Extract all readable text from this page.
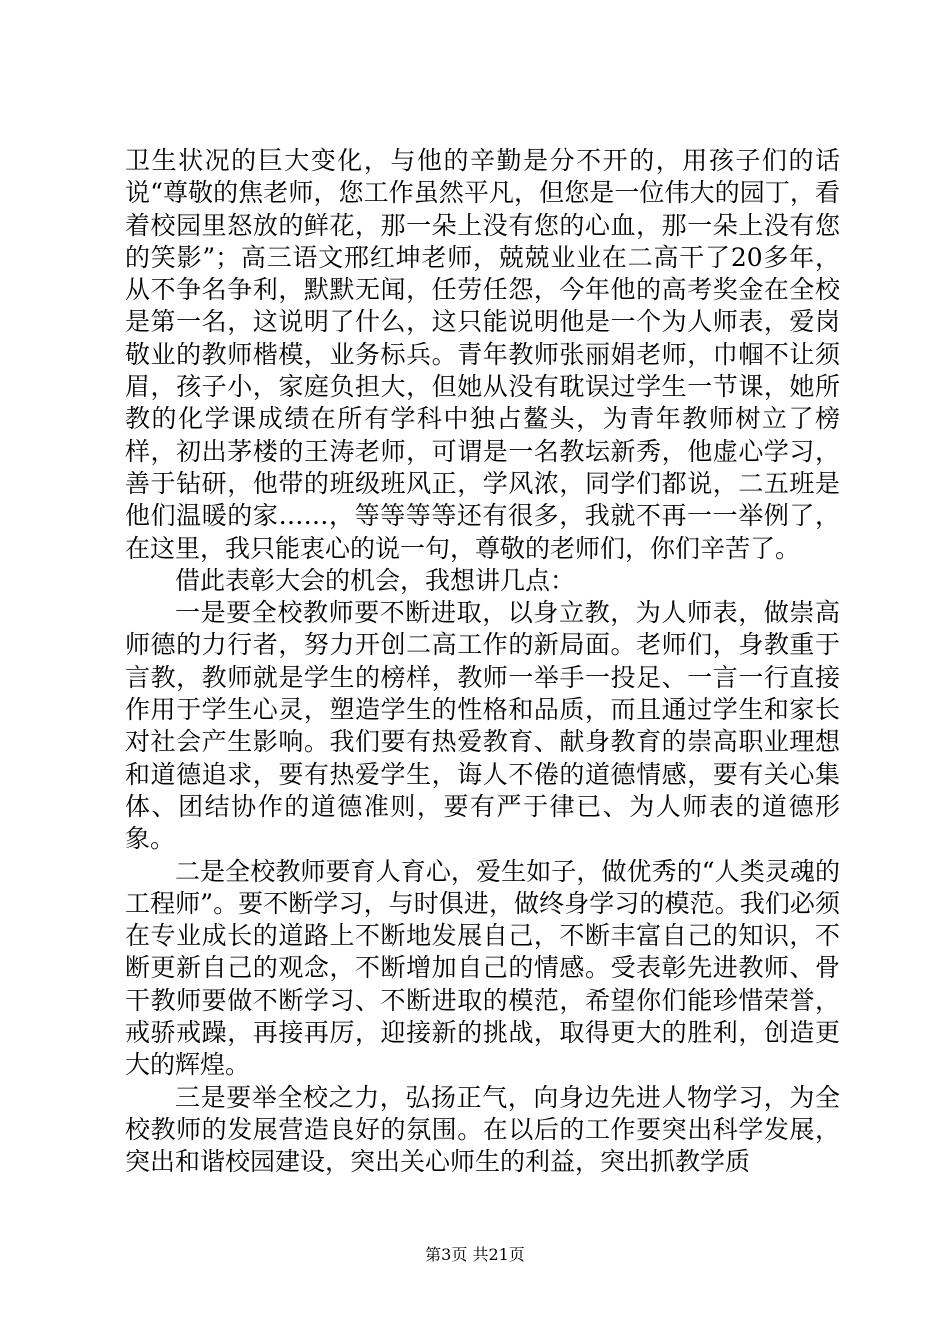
卫生状况的巨大变化，与他的辛勤是分不开的，用孩子们的话说“尊敬的焦老师，您工作虽然平凡，但您是一位伟大的园丁，看着校园里怒放的鲜花，那一朵上没有您的心血，那一朵上没有您的笑影”；高三语文邢红坤老师，兢兢业业在二高干了20多年，从不争名争利，默默无闻，任劳任怨，今年他的高考奖金在全校是第一名，这说明了什么，这只能说明他是一个为人师表，爱岗敬业的教师楷模，业务标兵。青年教师张丽娟老师，巾帼不让须眉，孩子小，家庭负担大，但她从没有耽误过学生一节课，她所教的化学课成绩在所有学科中独占鳌头，为青年教师树立了榜样，初出茅楼的王涛老师，可谓是一名教坛新秀，他虚心学习，善于钻研，他带的班级班风正，学风浓，同学们都说，二五班是他们温暖的家……，等等等等还有很多，我就不再一一举例了，在这里，我只能衷心的说一句，尊敬的老师们，你们辛苦了。

借此表彰大会的机会，我想讲几点：

一是要全校教师要不断进取，以身立教，为人师表，做崇高师德的力行者，努力开创二高工作的新局面。老师们，身教重于言教，教师就是学生的榜样，教师一举手一投足、一言一行直接作用于学生心灵，塑造学生的性格和品质，而且通过学生和家长对社会产生影响。我们要有热爱教育、献身教育的崇高职业理想和道德追求，要有热爱学生，诲人不倦的道德情感，要有关心集体、团结协作的道德准则，要有严于律已、为人师表的道德形象。

二是全校教师要育人育心，爱生如子，做优秀的“人类灵魂的工程师”。要不断学习，与时俱进，做终身学习的模范。我们必须在专业成长的道路上不断地发展自己，不断丰富自己的知识，不断更新自己的观念，不断增加自己的情感。受表彰先进教师、骨干教师要做不断学习、不断进取的模范，希望你们能珍惜荣誉，戒骄戒躁，再接再厉，迎接新的挑战，取得更大的胜利，创造更大的辉煌。

三是要举全校之力，弘扬正气，向身边先进人物学习，为全校教师的发展营造良好的氛围。在以后的工作要突出科学发展，突出和谐校园建设，突出关心师生的利益，突出抓教学质

第3页 共21页
